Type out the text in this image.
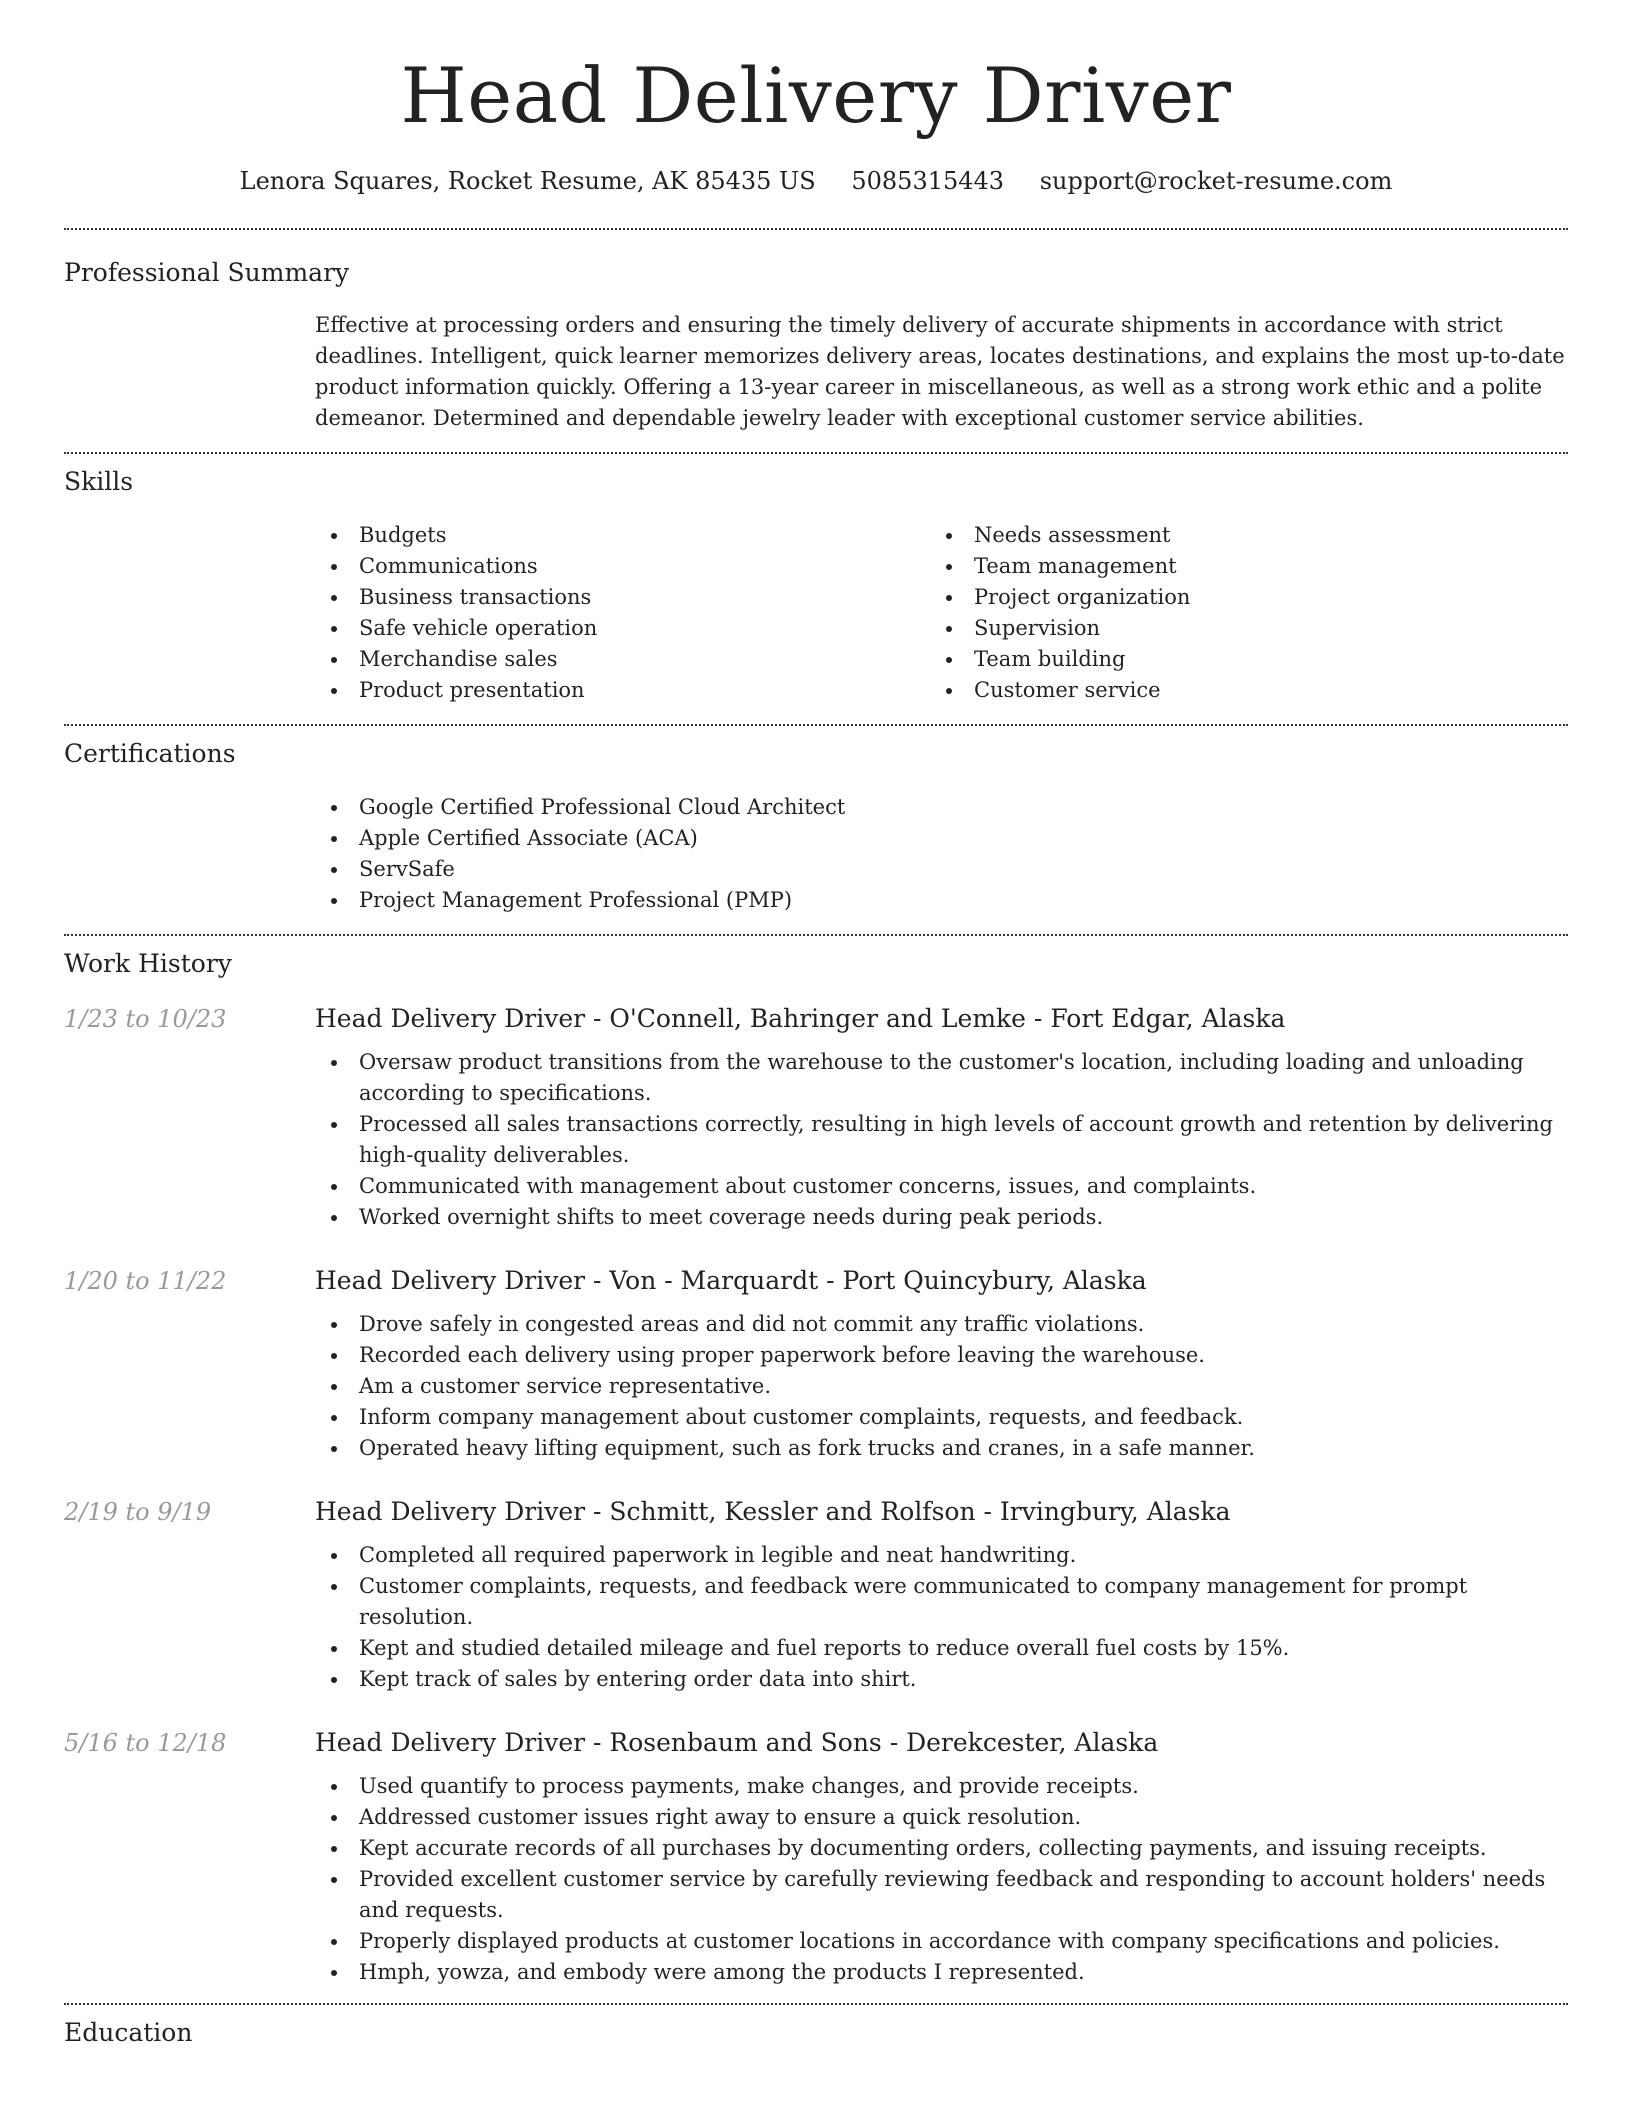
Head Delivery Driver
Lenora Squares, Rocket Resume, AK 85435 US 5085315443 support@rocket-resume.com
Professional Summary

Effective at processing orders and ensuring the timely delivery of accurate shipments in accordance with strict deadlines. Intelligent, quick learner memorizes delivery areas, locates destinations, and explains the most up-to-date product information quickly. Offering a 13-year career in miscellaneous, as well as a strong work ethic and a polite demeanor. Determined and dependable jewelry leader with exceptional customer service abilities.

Skills
Budgets
Communications
Business transactions
Safe vehicle operation
Merchandise sales
Product presentation
Needs assessment
Team management
Project organization
Supervision
Team building
Customer service
Certifications
Google Certified Professional Cloud Architect
Apple Certified Associate (ACA)
ServSafe
Project Management Professional (PMP)
Work History
1/23 to 10/23	Head Delivery Driver - O'Connell, Bahringer and Lemke - Fort Edgar, Alaska
Oversaw product transitions from the warehouse to the customer's location, including loading and unloading according to specifications.
Processed all sales transactions correctly, resulting in high levels of account growth and retention by delivering high-quality deliverables.
Communicated with management about customer concerns, issues, and complaints.
Worked overnight shifts to meet coverage needs during peak periods.
1/20 to 11/22	Head Delivery Driver - Von - Marquardt - Port Quincybury, Alaska
Drove safely in congested areas and did not commit any traffic violations.
Recorded each delivery using proper paperwork before leaving the warehouse.
Am a customer service representative.
Inform company management about customer complaints, requests, and feedback.
Operated heavy lifting equipment, such as fork trucks and cranes, in a safe manner.
2/19 to 9/19	Head Delivery Driver - Schmitt, Kessler and Rolfson - Irvingbury, Alaska
Completed all required paperwork in legible and neat handwriting.
Customer complaints, requests, and feedback were communicated to company management for prompt resolution.
Kept and studied detailed mileage and fuel reports to reduce overall fuel costs by 15%.
Kept track of sales by entering order data into shirt.
5/16 to 12/18	Head Delivery Driver - Rosenbaum and Sons - Derekcester, Alaska
Used quantify to process payments, make changes, and provide receipts.
Addressed customer issues right away to ensure a quick resolution.
Kept accurate records of all purchases by documenting orders, collecting payments, and issuing receipts.
Provided excellent customer service by carefully reviewing feedback and responding to account holders' needs and requests.
Properly displayed products at customer locations in accordance with company specifications and policies.
Hmph, yowza, and embody were among the products I represented.
Education
